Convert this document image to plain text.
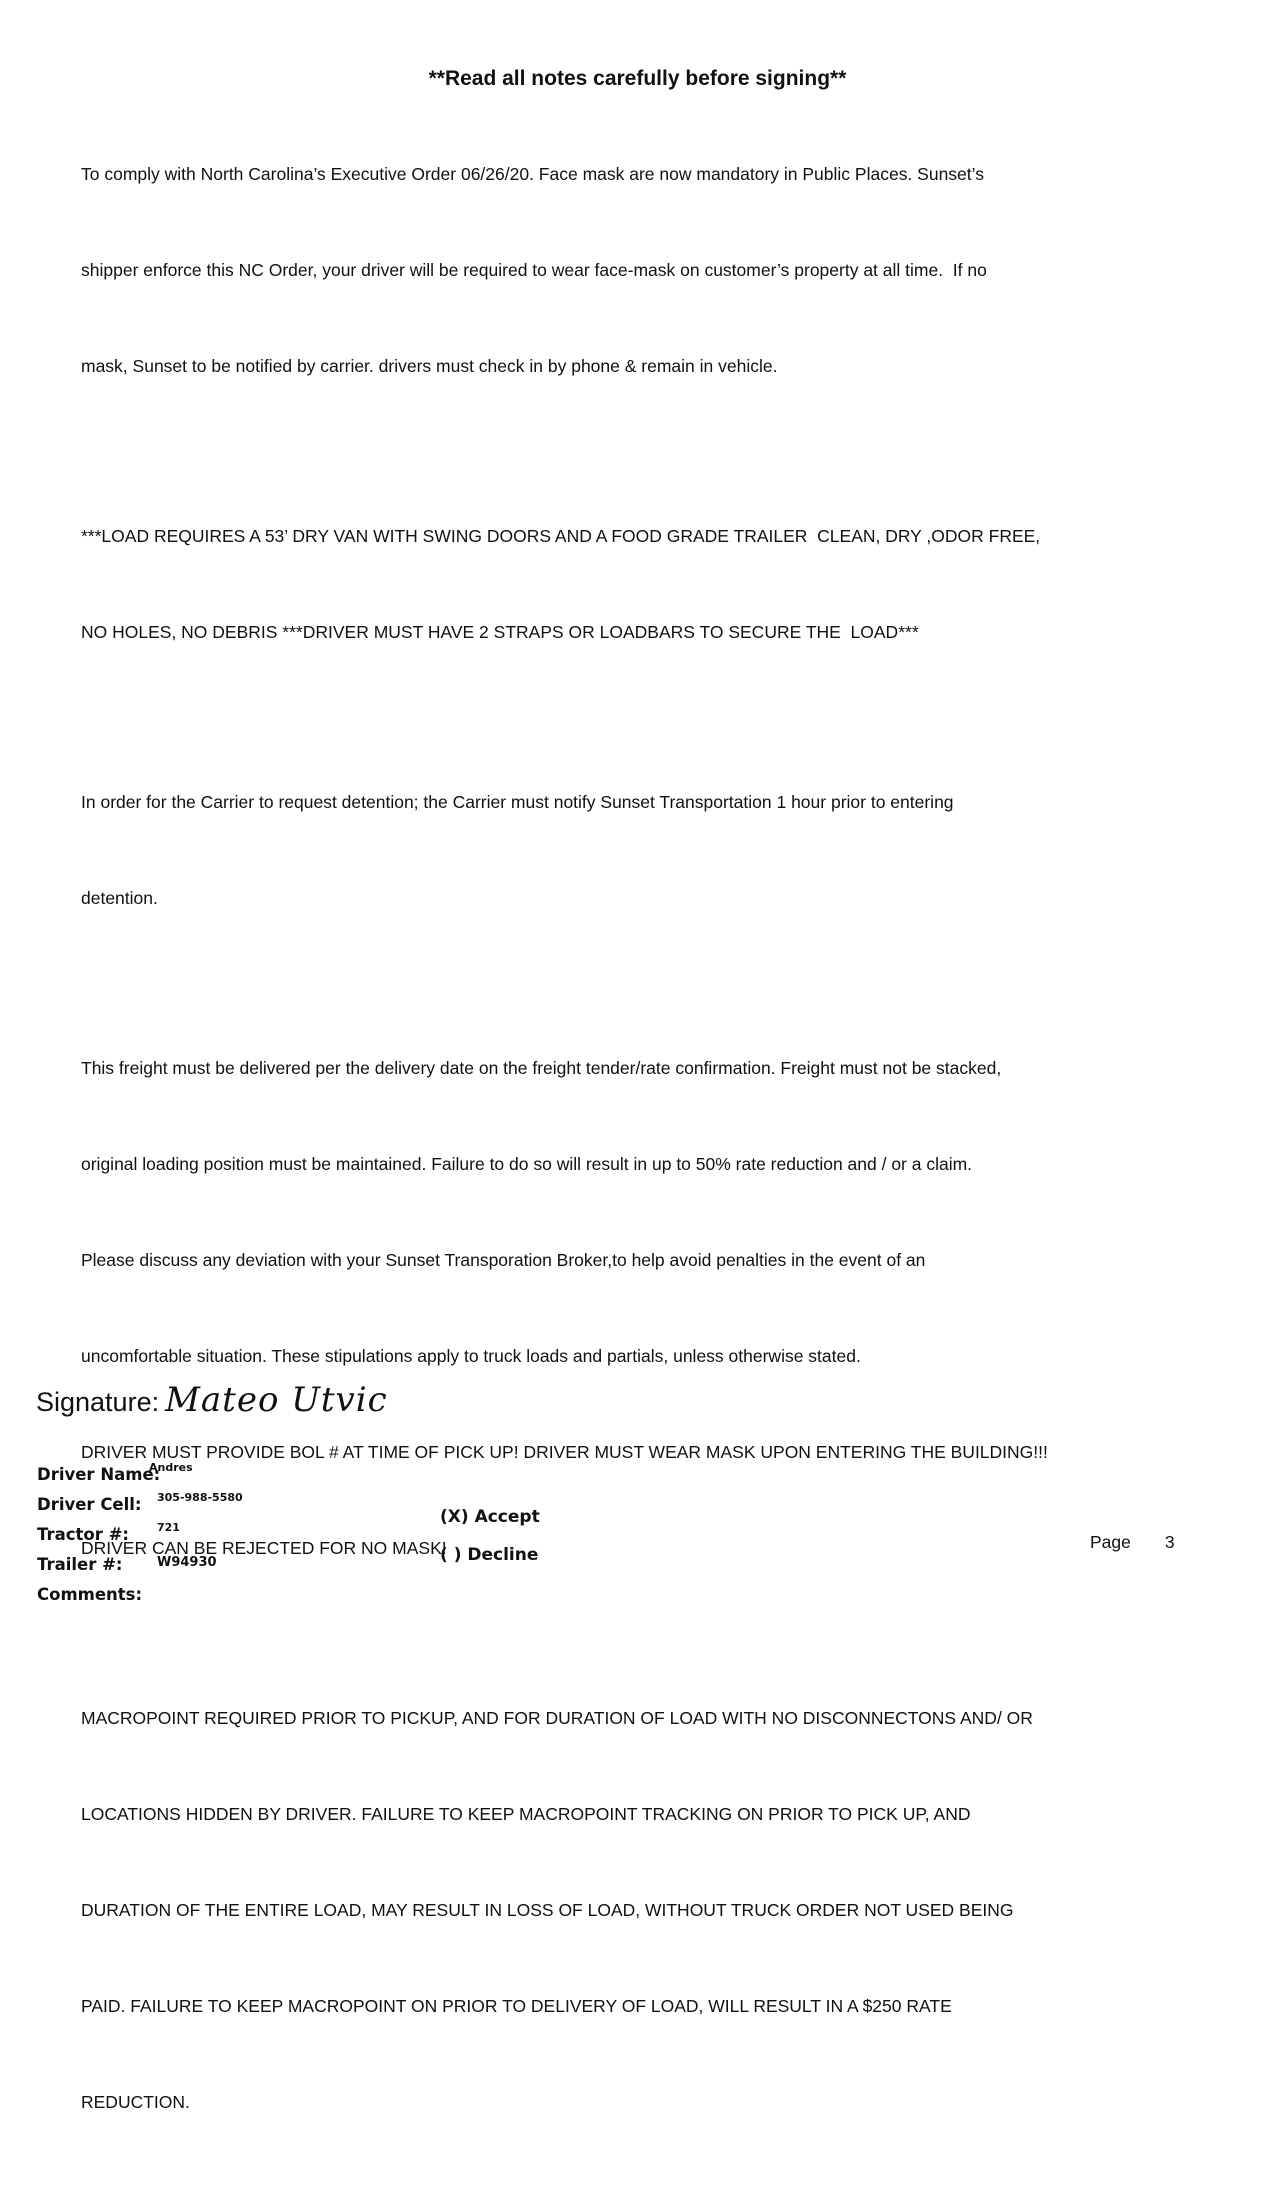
**Read all notes carefully before signing**

To comply with North Carolina’s Executive Order 06/26/20. Face mask are now mandatory in Public Places. Sunset’s

shipper enforce this NC Order, your driver will be required to wear face-mask on customer’s property at all time.  If no

mask, Sunset to be notified by carrier. drivers must check in by phone & remain in vehicle.

***LOAD REQUIRES A 53’ DRY VAN WITH SWING DOORS AND A FOOD GRADE TRAILER  CLEAN, DRY ,ODOR FREE,

NO HOLES, NO DEBRIS ***DRIVER MUST HAVE 2 STRAPS OR LOADBARS TO SECURE THE  LOAD***

In order for the Carrier to request detention; the Carrier must notify Sunset Transportation 1 hour prior to entering

detention.

This freight must be delivered per the delivery date on the freight tender/rate confirmation. Freight must not be stacked,

original loading position must be maintained. Failure to do so will result in up to 50% rate reduction and / or a claim.

Please discuss any deviation with your Sunset Transporation Broker,to help avoid penalties in the event of an

uncomfortable situation. These stipulations apply to truck loads and partials, unless otherwise stated.

DRIVER MUST PROVIDE BOL # AT TIME OF PICK UP! DRIVER MUST WEAR MASK UPON ENTERING THE BUILDING!!!

DRIVER CAN BE REJECTED FOR NO MASK!

MACROPOINT REQUIRED PRIOR TO PICKUP, AND FOR DURATION OF LOAD WITH NO DISCONNECTONS AND/ OR

LOCATIONS HIDDEN BY DRIVER. FAILURE TO KEEP MACROPOINT TRACKING ON PRIOR TO PICK UP, AND

DURATION OF THE ENTIRE LOAD, MAY RESULT IN LOSS OF LOAD, WITHOUT TRUCK ORDER NOT USED BEING

PAID. FAILURE TO KEEP MACROPOINT ON PRIOR TO DELIVERY OF LOAD, WILL RESULT IN A $250 RATE

REDUCTION.

Signature: Mateo Utvic
Driver Name:
Andres
Driver Cell: 305-988-5580
Tractor #:	721
Trailer #:	W94930
Comments:
(X) Accept
( ) Decline
Page 3
